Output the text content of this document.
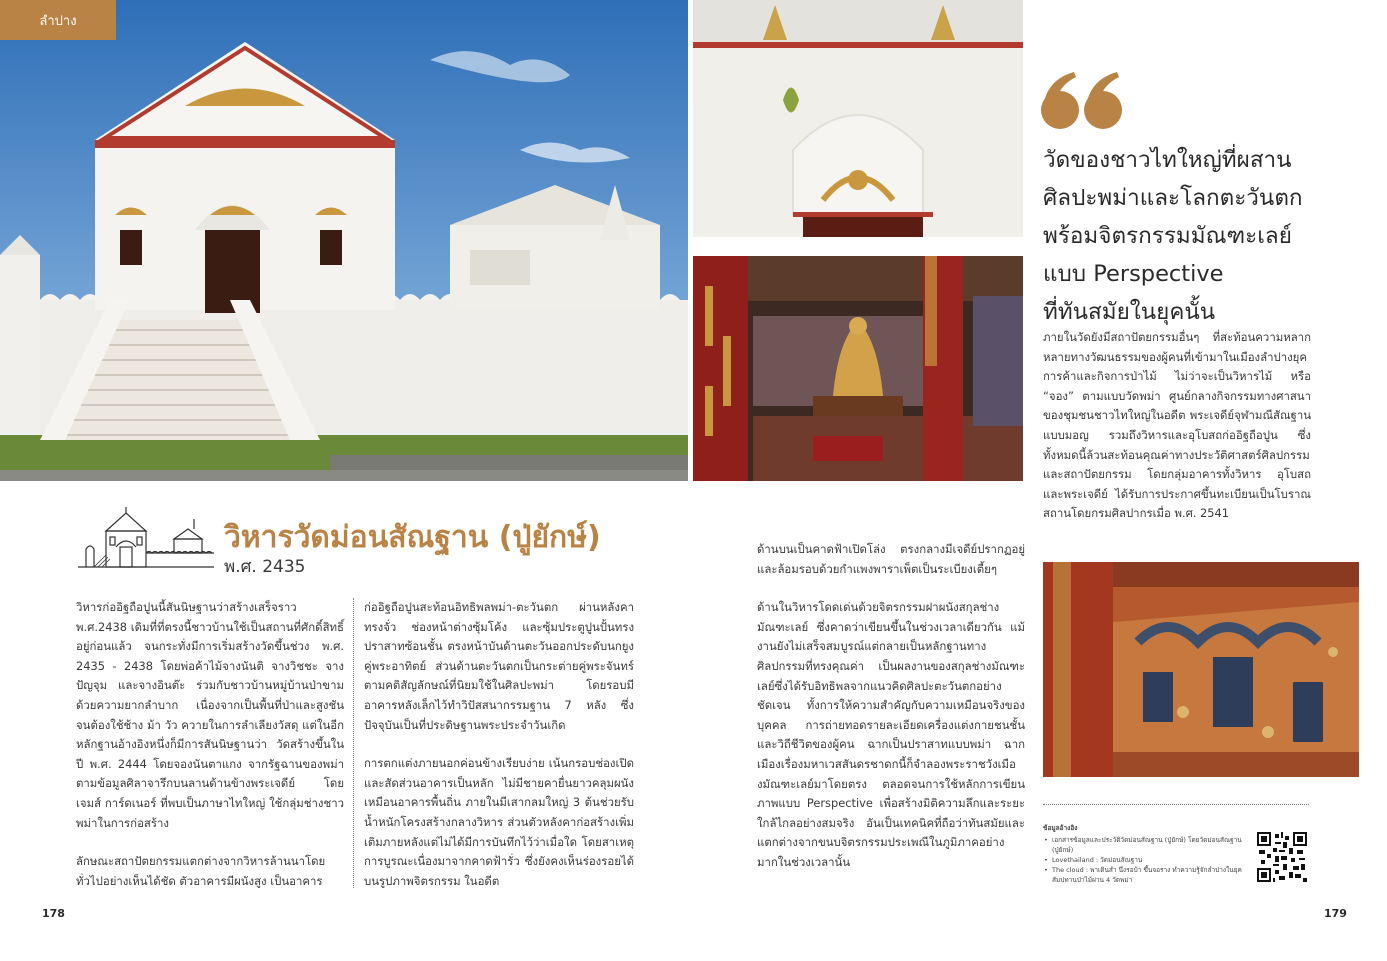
ลำปาง
วิหารวัดม่อนสัณฐาน (ปู่ยักษ์)
พ.ศ. 2435

วิหารก่ออิฐถือปูนนี้สันนิษฐานว่าสร้างเสร็จราว พ.ศ.2438 เดิมที่ที่ตรงนี้ชาวบ้านใช้เป็นสถานที่ศักดิ์สิทธิ์อยู่ก่อนแล้ว จนกระทั่งมีการเริ่มสร้างวัดขึ้นช่วง พ.ศ. 2435 - 2438 โดยพ่อค้าไม้จางนันติ จางวิชชะ จางปัญจุม และจางอินต๊ะ ร่วมกับชาวบ้านหมู่บ้านป่าขามด้วยความยากลำบาก เนื่องจากเป็นพื้นที่ป่าและสูงชัน จนต้องใช้ช้าง ม้า วัว ควายในการลำเลียงวัสดุ แต่ในอีกหลักฐานอ้างอิงหนึ่งก็มีการสันนิษฐานว่า วัดสร้างขึ้นในปี พ.ศ. 2444 โดยจองนันตาแกง จากรัฐฉานของพม่า ตามข้อมูลศิลาจารึกบนลานด้านข้างพระเจดีย์ โดย เจมส์ การ์ดเนอร์ ที่พบเป็นภาษาไทใหญ่ ใช้กลุ่มช่างชาวพม่าในการก่อสร้าง

ลักษณะสถาปัตยกรรมแตกต่างจากวิหารล้านนาโดยทั่วไปอย่างเห็นได้ชัด ตัวอาคารมีผนังสูง เป็นอาคาร

ก่ออิฐถือปูนสะท้อนอิทธิพลพม่า-ตะวันตก ผ่านหลังคาทรงจั่ว ช่องหน้าต่างซุ้มโค้ง และซุ้มประตูปูนปั้นทรงปราสาทซ้อนชั้น ตรงหน้าบันด้านตะวันออกประดับนกยูงคู่พระอาทิตย์ ส่วนด้านตะวันตกเป็นกระต่ายคู่พระจันทร์ตามคติสัญลักษณ์ที่นิยมใช้ในศิลปะพม่า โดยรอบมีอาคารหลังเล็กไว้ทำวิปัสสนากรรมฐาน 7 หลัง ซึ่งปัจจุบันเป็นที่ประดิษฐานพระประจำวันเกิด

การตกแต่งภายนอกค่อนข้างเรียบง่าย เน้นกรอบช่องเปิดและสัดส่วนอาคารเป็นหลัก ไม่มีชายคายื่นยาวคลุมผนังเหมือนอาคารพื้นถิ่น ภายในมีเสากลมใหญ่ 3 ต้นช่วยรับน้ำหนักโครงสร้างกลางวิหาร ส่วนตัวหลังคาก่อสร้างเพิ่มเติมภายหลังแต่ไม่ได้มีการบันทึกไว้ว่าเมื่อใด โดยสาเหตุการบูรณะเนื่องมาจากคาดฟ้ารั่ว ซึ่งยังคงเห็นร่องรอยได้บนรูปภาพจิตรกรรม ในอดีต

ด้านบนเป็นคาดฟ้าเปิดโล่ง ตรงกลางมีเจดีย์ปรากฏอยู่และล้อมรอบด้วยกำแพงพาราเพ็ตเป็นระเบียงเตี้ยๆ

ด้านในวิหารโดดเด่นด้วยจิตรกรรมฝาผนังสกุลช่างมัณฑะเลย์ ซึ่งคาดว่าเขียนขึ้นในช่วงเวลาเดียวกัน แม้งานยังไม่เสร็จสมบูรณ์แต่กลายเป็นหลักฐานทางศิลปกรรมที่ทรงคุณค่า เป็นผลงานของสกุลช่างมัณฑะเลย์ซึ่งได้รับอิทธิพลจากแนวคิดศิลปะตะวันตกอย่างชัดเจน ทั้งการให้ความสำคัญกับความเหมือนจริงของบุคคล การถ่ายทอดรายละเอียดเครื่องแต่งกายชนชั้น และวิถีชีวิตของผู้คน ฉากเป็นปราสาทแบบพม่า ฉากเมืองเรื่องมหาเวสสันดรชาดกนี้ก็จำลองพระราชวังเมืองมัณฑะเลย์มาโดยตรง ตลอดจนการใช้หลักการเขียนภาพแบบ Perspective เพื่อสร้างมิติความลึกและระยะใกล้ไกลอย่างสมจริง อันเป็นเทคนิคที่ถือว่าทันสมัยและแตกต่างจากขนบจิตรกรรมประเพณีในภูมิภาคอย่างมากในช่วงเวลานั้น

วัดของชาวไทใหญ่ที่ผสาน
ศิลปะพม่าและโลกตะวันตก
พร้อมจิตรกรรมมัณฑะเลย์
แบบ Perspective
ที่ทันสมัยในยุคนั้น
ภายในวัดยังมีสถาปัตยกรรมอื่นๆ ที่สะท้อนความหลากหลายทางวัฒนธรรมของผู้คนที่เข้ามาในเมืองลำปางยุคการค้าและกิจการป่าไม้ ไม่ว่าจะเป็นวิหารไม้ หรือ “จอง” ตามแบบวัดพม่า ศูนย์กลางกิจกรรมทางศาสนาของชุมชนชาวไทใหญ่ในอดีต พระเจดีย์จุฬามณีสัณฐานแบบมอญ รวมถึงวิหารและอุโบสถก่ออิฐถือปูน ซึ่งทั้งหมดนี้ล้วนสะท้อนคุณค่าทางประวัติศาสตร์ศิลปกรรม และสถาปัตยกรรม โดยกลุ่มอาคารทั้งวิหาร อุโบสถ และพระเจดีย์ ได้รับการประกาศขึ้นทะเบียนเป็นโบราณสถานโดยกรมศิลปากรเมื่อ พ.ศ. 2541
ข้อมูลอ้างอิง
• เอกสารข้อมูลและประวัติวัดม่อนสัณฐาน (ปู่ยักษ์) โดยวัดม่อนสัณฐาน (ปู่ยักษ์)
• Lovethailand : วัดม่อนสัณฐาน
• The cloud : พาเดินสำ นึ่งรอบ้า ขึ้นจอราง ทำความรู้จักลำปางในยุคสัมปทานป่าไม้ผ่าน 4 วัดพม่า
178	179
